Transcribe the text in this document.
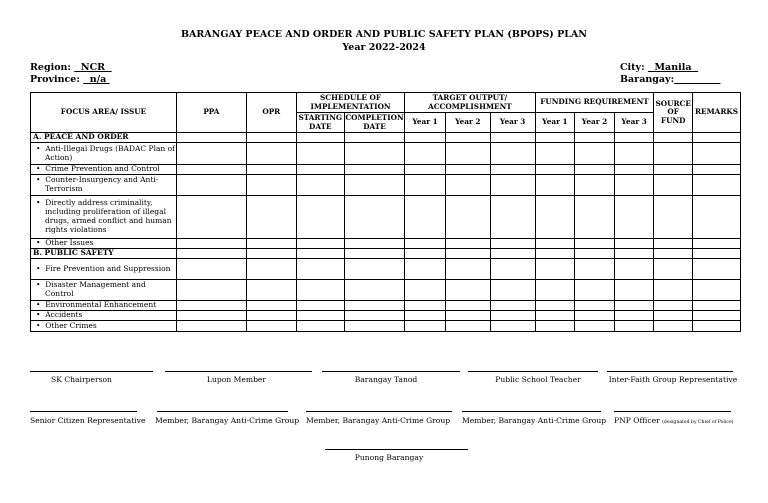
BARANGAY PEACE AND ORDER AND PUBLIC SAFETY PLAN (BPOPS) PLAN
Year 2022-2024
Region: NCR
Province: n/a
City: Manila
Barangay:
FOCUS AREA/ ISSUE	PPA	OPR	SCHEDULE OF IMPLEMENTATION		TARGET OUTPUT/ ACCOMPLISHMENT			FUNDING REQUIREMENT			SOURCE OF FUND	REMARKS
			STARTING DATE	COMPLETION DATE	Year 1	Year 2	Year 3	Year 1	Year 2	Year 3		
A. PEACE AND ORDER												
•  Anti-Illegal Drugs (BADAC Plan of Action)												
•  Crime Prevention and Control												
•  Counter-Insurgency and Anti-Terrorism												
•  Directly address criminality, including proliferation of illegal drugs, armed conflict and human rights violations												
•  Other Issues												
B. PUBLIC SAFETY												
•  Fire Prevention and Suppression												
•  Disaster Management and Control												
•  Environmental Enhancement												
•  Accidents												
•  Other Crimes												
SK Chairperson	Lupon Member	Barangay Tanod	Public School Teacher	Inter-Faith Group Representative
Senior Citizen Representative Member, Barangay Anti-Crime Group Member, Barangay Anti-Crime Group	Member, Barangay Anti-Crime Group PNP Officer (designated by Chief of Police)
Punong Barangay
